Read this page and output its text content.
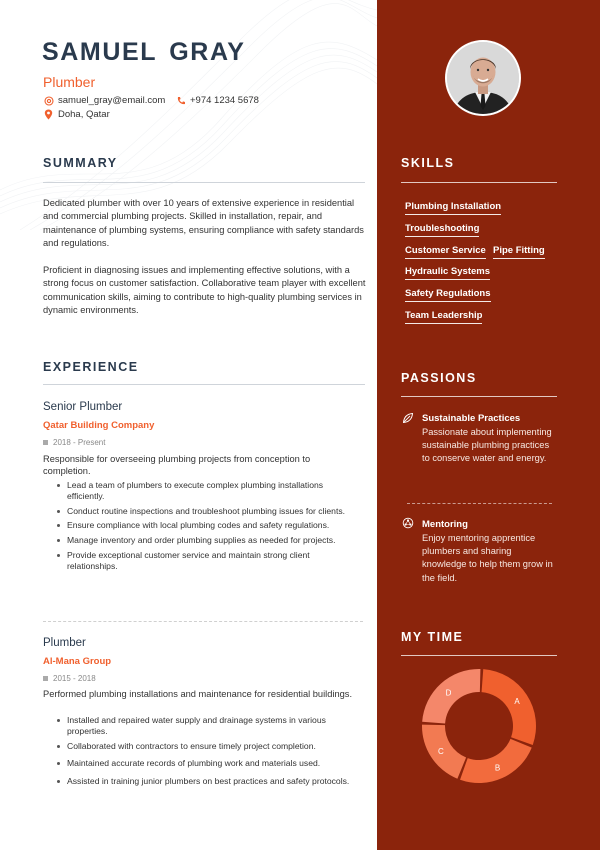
SAMUEL GRAY
Plumber
samuel_gray@email.com	+974 1234 5678
Doha, Qatar
SUMMARY

Dedicated plumber with over 10 years of extensive experience in residential and commercial plumbing projects. Skilled in installation, repair, and maintenance of plumbing systems, ensuring compliance with safety standards and regulations.

Proficient in diagnosing issues and implementing effective solutions, with a strong focus on customer satisfaction. Collaborative team player with excellent communication skills, aiming to contribute to high-quality plumbing services in dynamic environments.

EXPERIENCE
Senior Plumber
Qatar Building Company
2018 - Present

Responsible for overseeing plumbing projects from conception to completion.

Lead a team of plumbers to execute complex plumbing installations efficiently.
Conduct routine inspections and troubleshoot plumbing issues for clients.
Ensure compliance with local plumbing codes and safety regulations.
Manage inventory and order plumbing supplies as needed for projects.
Provide exceptional customer service and maintain strong client relationships.
Plumber
Al-Mana Group
2015 - 2018

Performed plumbing installations and maintenance for residential buildings.

Installed and repaired water supply and drainage systems in various properties.
Collaborated with contractors to ensure timely project completion.
Maintained accurate records of plumbing work and materials used.
Assisted in training junior plumbers on best practices and safety protocols.
SKILLS
Plumbing Installation
Troubleshooting
Customer Service Pipe Fitting
Hydraulic Systems
Safety Regulations
Team Leadership
PASSIONS
Sustainable Practices

Passionate about implementing sustainable plumbing practices to conserve water and energy.

Mentoring

Enjoy mentoring apprentice plumbers and sharing knowledge to help them grow in the field.

MY TIME
A
B
C
D
